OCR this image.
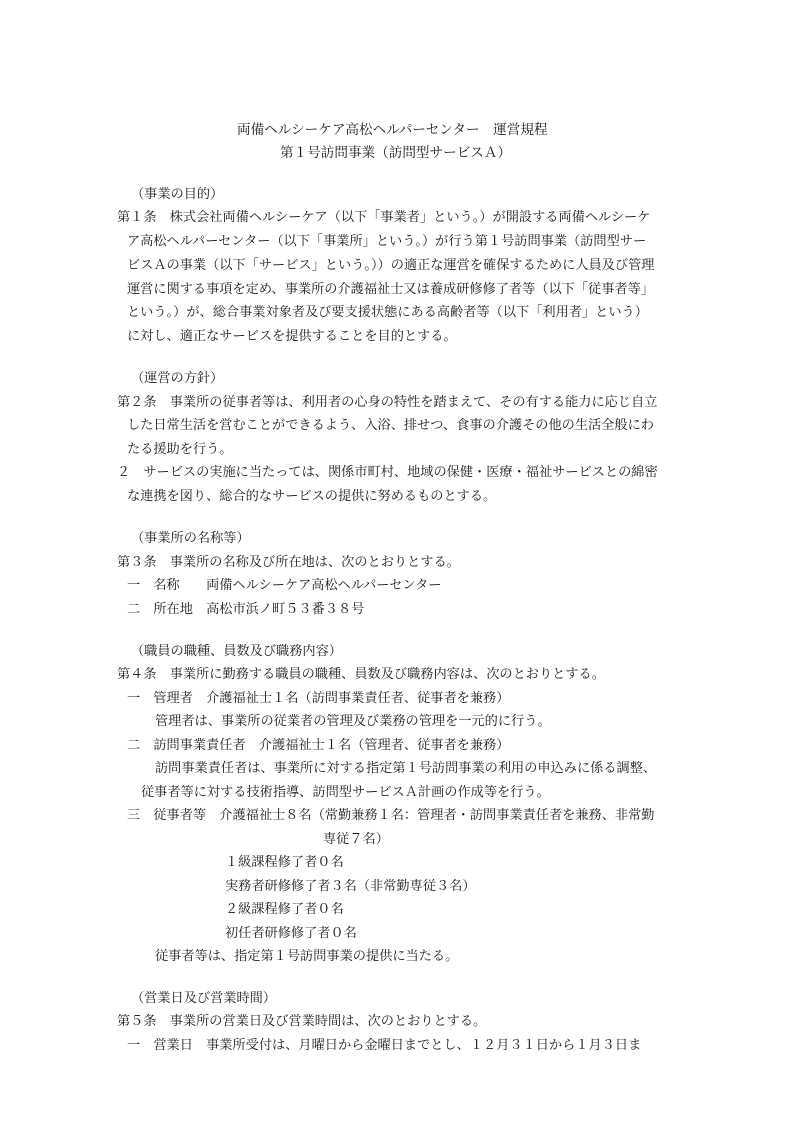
両備ヘルシーケア高松ヘルパーセンター　運営規程
第１号訪問事業（訪問型サービスＡ）
（事業の目的）
第１条　株式会社両備ヘルシーケア（以下「事業者」という。）が開設する両備ヘルシーケ
ア高松ヘルパーセンター（以下「事業所」という。）が行う第１号訪問事業（訪問型サー
ビスＡの事業（以下「サービス」という。））の適正な運営を確保するために人員及び管理
運営に関する事項を定め、事業所の介護福祉士又は養成研修修了者等（以下「従事者等」
という。）が、総合事業対象者及び要支援状態にある高齢者等（以下「利用者」という）
に対し、適正なサービスを提供することを目的とする。
（運営の方針）
第２条　事業所の従事者等は、利用者の心身の特性を踏まえて、その有する能力に応じ自立
した日常生活を営むことができるよう、入浴、排せつ、食事の介護その他の生活全般にわ
たる援助を行う。
２　サービスの実施に当たっては、関係市町村、地域の保健・医療・福祉サービスとの綿密
な連携を図り、総合的なサービスの提供に努めるものとする。
（事業所の名称等）
第３条　事業所の名称及び所在地は、次のとおりとする。
一　名称　　両備ヘルシーケア高松ヘルパーセンター
二　所在地　高松市浜ノ町５３番３８号
（職員の職種、員数及び職務内容）
第４条　事業所に勤務する職員の職種、員数及び職務内容は、次のとおりとする。
一　管理者　介護福祉士１名（訪問事業責任者、従事者を兼務）
管理者は、事業所の従業者の管理及び業務の管理を一元的に行う。
二　訪問事業責任者　介護福祉士１名（管理者、従事者を兼務）
訪問事業責任者は、事業所に対する指定第１号訪問事業の利用の申込みに係る調整、
従事者等に対する技術指導、訪問型サービスＡ計画の作成等を行う。
三　従事者等　介護福祉士８名（常勤兼務１名：管理者・訪問事業責任者を兼務、非常勤
専従７名）
１級課程修了者０名
実務者研修修了者３名（非常勤専従３名）
２級課程修了者０名
初任者研修修了者０名
従事者等は、指定第１号訪問事業の提供に当たる。
（営業日及び営業時間）
第５条　事業所の営業日及び営業時間は、次のとおりとする。
一　営業日　事業所受付は、月曜日から金曜日までとし、１２月３１日から１月３日ま
